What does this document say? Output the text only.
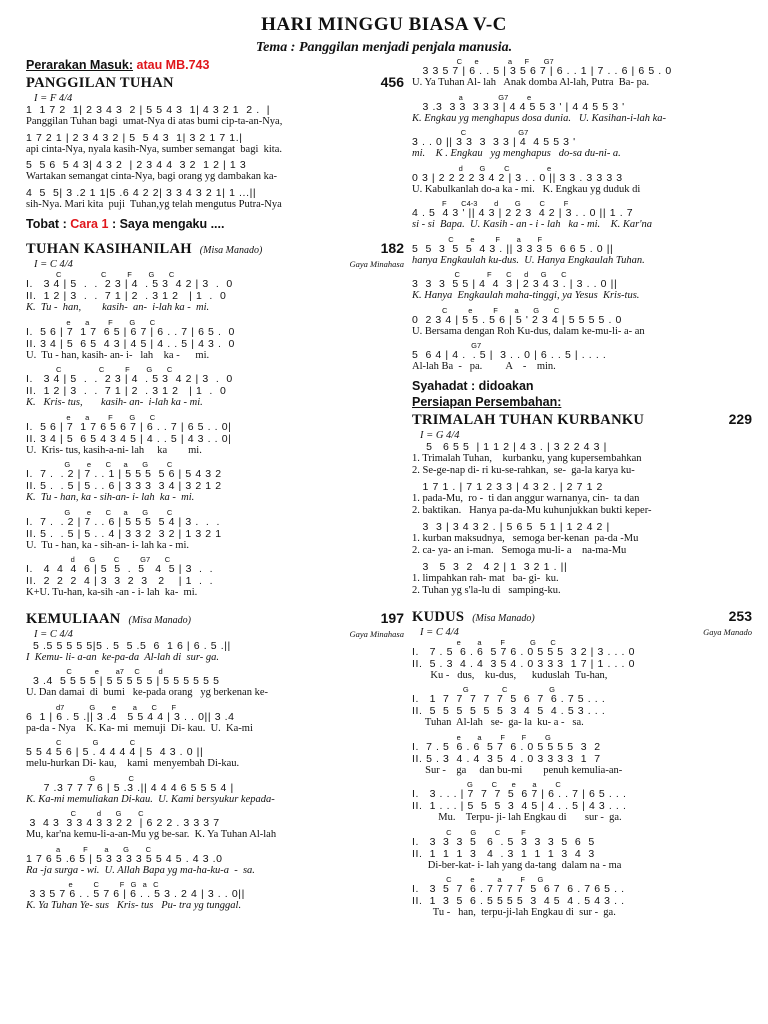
HARI MINGGU BIASA V-C
Tema : Panggilan menjadi penjala manusia.
Perarakan Masuk: atau MB.743
PANGGILAN TUHAN	456
I = F 4/4
1  1 7 2  1| 2 3 4 3  2 | 5 5 4 3  1| 4 3 2 1  2 .  |
Panggilan Tuhan bagi  umat-Nya di atas bumi cip-ta-an-Nya,
1 7 2 1 | 2 3 4 3 2 | 5  5 4 3  1| 3 2 1 7 1.|
api cinta-Nya, nyala kasih-Nya, sumber semangat  bagi  kita.
5  5 6  5 4 3| 4 3 2  | 2 3 4 4  3 2  1 2 | 1 3
Wartakan semangat cinta-Nya, bagi orang yg dambakan ka-
4  5  5| 3 .2 1 1|5 .6 4 2 2| 3 3 4 3 2 1| 1 ...||
sih-Nya. Mari kita  puji  Tuhan,yg telah mengutus Putra-Nya
Tobat : Cara 1 : Saya mengaku ....
TUHAN KASIHANILAH (Misa Manado)	182
I = C 4/4	Gaya Minahasa
C                   C          F        G       C
I.   3 4 | 5  .  .  2 3 | 4  . 5 3  4 2 | 3  .  0
II.  1 2 | 3  .  .  7 1 | 2  . 3 1 2   | 1  .  0
K.  Tu -  han,        kasih-  an-  i-lah ka -  mi.
e       a         F        G       C
I.  5 6 | 7  1 7  6 5 | 6 7 | 6 . . 7 | 6 5 .  0
II. 3 4 | 5  6 5  4 3 | 4 5 | 4 . . 5 | 4 3 .  0
U.  Tu - han, kasih- an- i-   lah    ka -      mi.
C                  C          F        G       C
I.   3 4 | 5  .  .  2 3 | 4  . 5 3  4 2 | 3  .  0
II.  1 2 | 3  .  .  7 1 | 2  . 3 1 2   | 1  .  0
K.   Kris- tus,       kasih- an-  i-lah ka - mi.
e       a         F        G       C
I.  5 6 | 7  1 7 6 5 6 7 | 6 . . 7 | 6 5 . . 0|
II. 3 4 | 5  6 5 4 3 4 5 | 4 . . 5 | 4 3 . . 0|
U.  Kris- tus, kasih-a-ni- lah     ka        mi.
G        e       C      a       G         C
I.  7 .  . 2 | 7 . . 1 | 5 5 5  5 6 | 5 4 3 2
II. 5 .  . 5 | 5 . . 6 | 3 3 3  3 4 | 3 2 1 2
K.  Tu - han, ka - sih-an- i- lah  ka -  mi.
G        e       C      a       G         C
I.  7 .  . 2 | 7 . . 6 | 5 5 5  5 4 | 3 .  .  .
II. 5 .  . 5 | 5 . . 4 | 3 3 2  3 2 | 1 3 2 1
U.  Tu - han, ka - sih-an- i- lah ka - mi.
d       G         C          G7       C
I.   4  4  4  6 | 5  5  .  5   4  5 | 3  .  .
II.  2  2  2  4 | 3  3  2  3   2    | 1  .  .
K+U. Tu-han, ka-sih -an - i- lah  ka-  mi.
KEMULIAAN (Misa Manado)	197
I = C 4/4	Gaya Minahasa
5 .5 5 5 5 5|5 . 5  5 .5  6  1 6 | 6 . 5 .||
I  Kemu- li- a-an  ke-pa-da  Al-lah di  sur- ga.
C           e        a7     C         d
3 .4  5 5 5 5 | 5 5 5 5 5 | 5 5 5 5 5 5
U. Dan damai  di  bumi   ke-pada orang   yg berkenan ke-
d7            G        e        a       C       F
6  1 | 6 . 5 .|| 3 .4   5 5 4 4 | 3 . . 0|| 3 .4
pa-da - Nya    K. Ka- mi  memuji  Di- kau.  U.  Ka-mi
C               G               C
5 5 4 5 6 | 5 . 4 4 4 4 | 5  4 3 . 0 ||
melu-hurkan Di- kau,    kami  menyembah Di-kau.
G                C
7 .3 7 7 7 6 | 5 .3 .|| 4 4 4 6 5 5 5 4 |
K. Ka-mi memuliakan Di-kau.  U. Kami bersyukur kepada-
C          d       G        C
3  4 3  3 3 4 3 3 2 2  | 6 2 2 . 3 3 3 7
Mu, kar'na kemu-li-a-an-Mu yg be-sar.  K. Ya Tuhan Al-lah
a           F        a       G        C
1 7 6 5 .6 5 | 5 3 3 3 3 5 5 4 5 . 4 3 .0
Ra -ja surga - wi.  U. Allah Bapa yg ma-ha-ku-a  -  sa.
e          C          F   G   a   C
3 3 5 7 6 . . 5 7 6 | 6 . . 5 3 . 2 4 | 3 . . 0||
K. Ya Tuhan Ye- sus   Kris- tus   Pu- tra yg tunggal.
C      e              a      F       G7
3 3 5 7 | 6 . . 5 | 3 5 6 7 | 6 . . 1 | 7 . . 6 | 6 5 . 0
U. Ya Tuhan Al- lah   Anak domba Al-lah, Putra  Ba- pa.
a                 G7         e
3 .3  3 3  3 3 3 | 4 4 5 5 3 ' | 4 4 5 5 3 '
K. Engkau yg menghapus dosa dunia.   U. Kasihan-i-lah ka-
C                         G7
3 . . 0 || 3 3  3  3 3 | 4  4 5 5 3 '
mi.    K . Engkau   yg menghapus   do-sa du-ni- a.
d        G         C                  e
0 3 | 2 2 2 2 3 4 2 | 3 . . 0 || 3 3 . 3 3 3 3
U. Kabulkanlah do-a ka - mi.   K. Engkau yg duduk di
F       C4-3        d        G         C         F
4 . 5  4 3 ' || 4 3 | 2 2 3  4 2 | 3 . . 0 || 1 . 7
si - si  Bapa.  U. Kasih - an - i - lah   ka - mi.    K. Kar'na
C        e          F        a        F
5  5  3  5  5  4 3 . || 3 3 3 5  6 6 5 . 0 ||
hanya Engkaulah ku-dus.  U. Hanya Engkaulah Tuhan.
C             F       C      d      G       C
3  3  3  5 5 | 4  4  3 | 2 3 4 3 . | 3 . . 0 ||
K. Hanya  Engkaulah maha-tinggi, ya Yesus  Kris-tus.
C          e          F        a       G       C
0  2 3 4 | 5 5 . 5 6 | 5 ' 2 3 4 | 5 5 5 5 . 0
U. Bersama dengan Roh Ku-dus, dalam ke-mu-li- a- an
G7
5  6 4 | 4 .  . 5 |  3 . . 0 | 6 . . 5 | . . . .
Al-lah Ba  -   pa.         A    -    min.
Syahadat : didoakan
Persiapan Persembahan:
TRIMALAH TUHAN KURBANKU	229
I = G 4/4
5   6 5 5  | 1 1 2 | 4 3 . | 3 2 2 4 3 |
1. Trimalah Tuhan,    kurbanku, yang kupersembahkan
2. Se-ge-nap di- ri ku-se-rahkan,  se-  ga-la karya ku-
1 7 1 . | 7 1 2 3 3 | 4 3 2 . | 2 7 1 2
1. pada-Mu,  ro -  ti dan anggur warnanya, cin-  ta dan
2. baktikan.   Hanya pa-da-Mu kuhunjukkan bukti keper-
3  3 | 3 4 3 2 . | 5 6 5  5 1 | 1 2 4 2 |
1. kurban maksudnya,   semoga ber-kenan  pa-da -Mu
2. ca- ya- an i-man.   Semoga mu-li- a    na-ma-Mu
3   5  3  2   4 2 | 1  3 2 1 . ||
1. limpahkan rah- mat   ba- gi-  ku.
2. Tuhan yg s'la-lu di   samping-ku.
KUDUS (Misa Manado)	253
I = C 4/4	Gaya Manado
e        a         F            G       C
I.   7 . 5  6 . 6  5 7 6 . 0 5 5 5  3 2 | 3 . . . 0
II.  5 . 3  4 . 4  3 5 4 . 0 3 3 3  1 7 | 1 . . . 0
Ku -   dus,    ku-dus,      kuduslah  Tu-han,
G                C                    G
I.   1  7  7  7  7  7  5  6  7  6 . 7 5 . . .
II.  5  5  5  5  5  5  3  4  5  4 . 5 3 . . .
Tuhan  Al-lah   se-  ga- la  ku- a -   sa.
e        a         F        F         G
I.  7 . 5  6 . 6  5 7  6 . 0 5 5 5 5  3  2
II. 5 . 3  4 . 4  3 5  4 . 0 3 3 3 3  1  7
Sur -    ga     dan bu-mi        penuh kemulia-an-
G         C       e        a         C
I.   3 . . . | 7  7  7  5  6 7 | 6 . . 7 | 6 5 . . .
II.  1 . . . | 5  5  5  3  4 5 | 4 . . 5 | 4 3 . . .
Mu.    Terpu- ji- lah Engkau di       sur -  ga.
C         G         C          F
I.   3  3  3  5   6  . 5  3  3  3  5  6  5
II.  1  1  1  3   4  . 3  1  1  1  3  4  3
Di-ber-kat- i- lah yang da-tang  dalam na - ma
C         e           a         F      G
I.   3  5  7  6 . 7 7 7 7  5  6 7  6 . 7 6 5 . .
II.  1  3  5  6 . 5 5 5 5  3  4 5  4 . 5 4 3 . .
Tu -   han,  terpu-ji-lah Engkau di  sur -  ga.
